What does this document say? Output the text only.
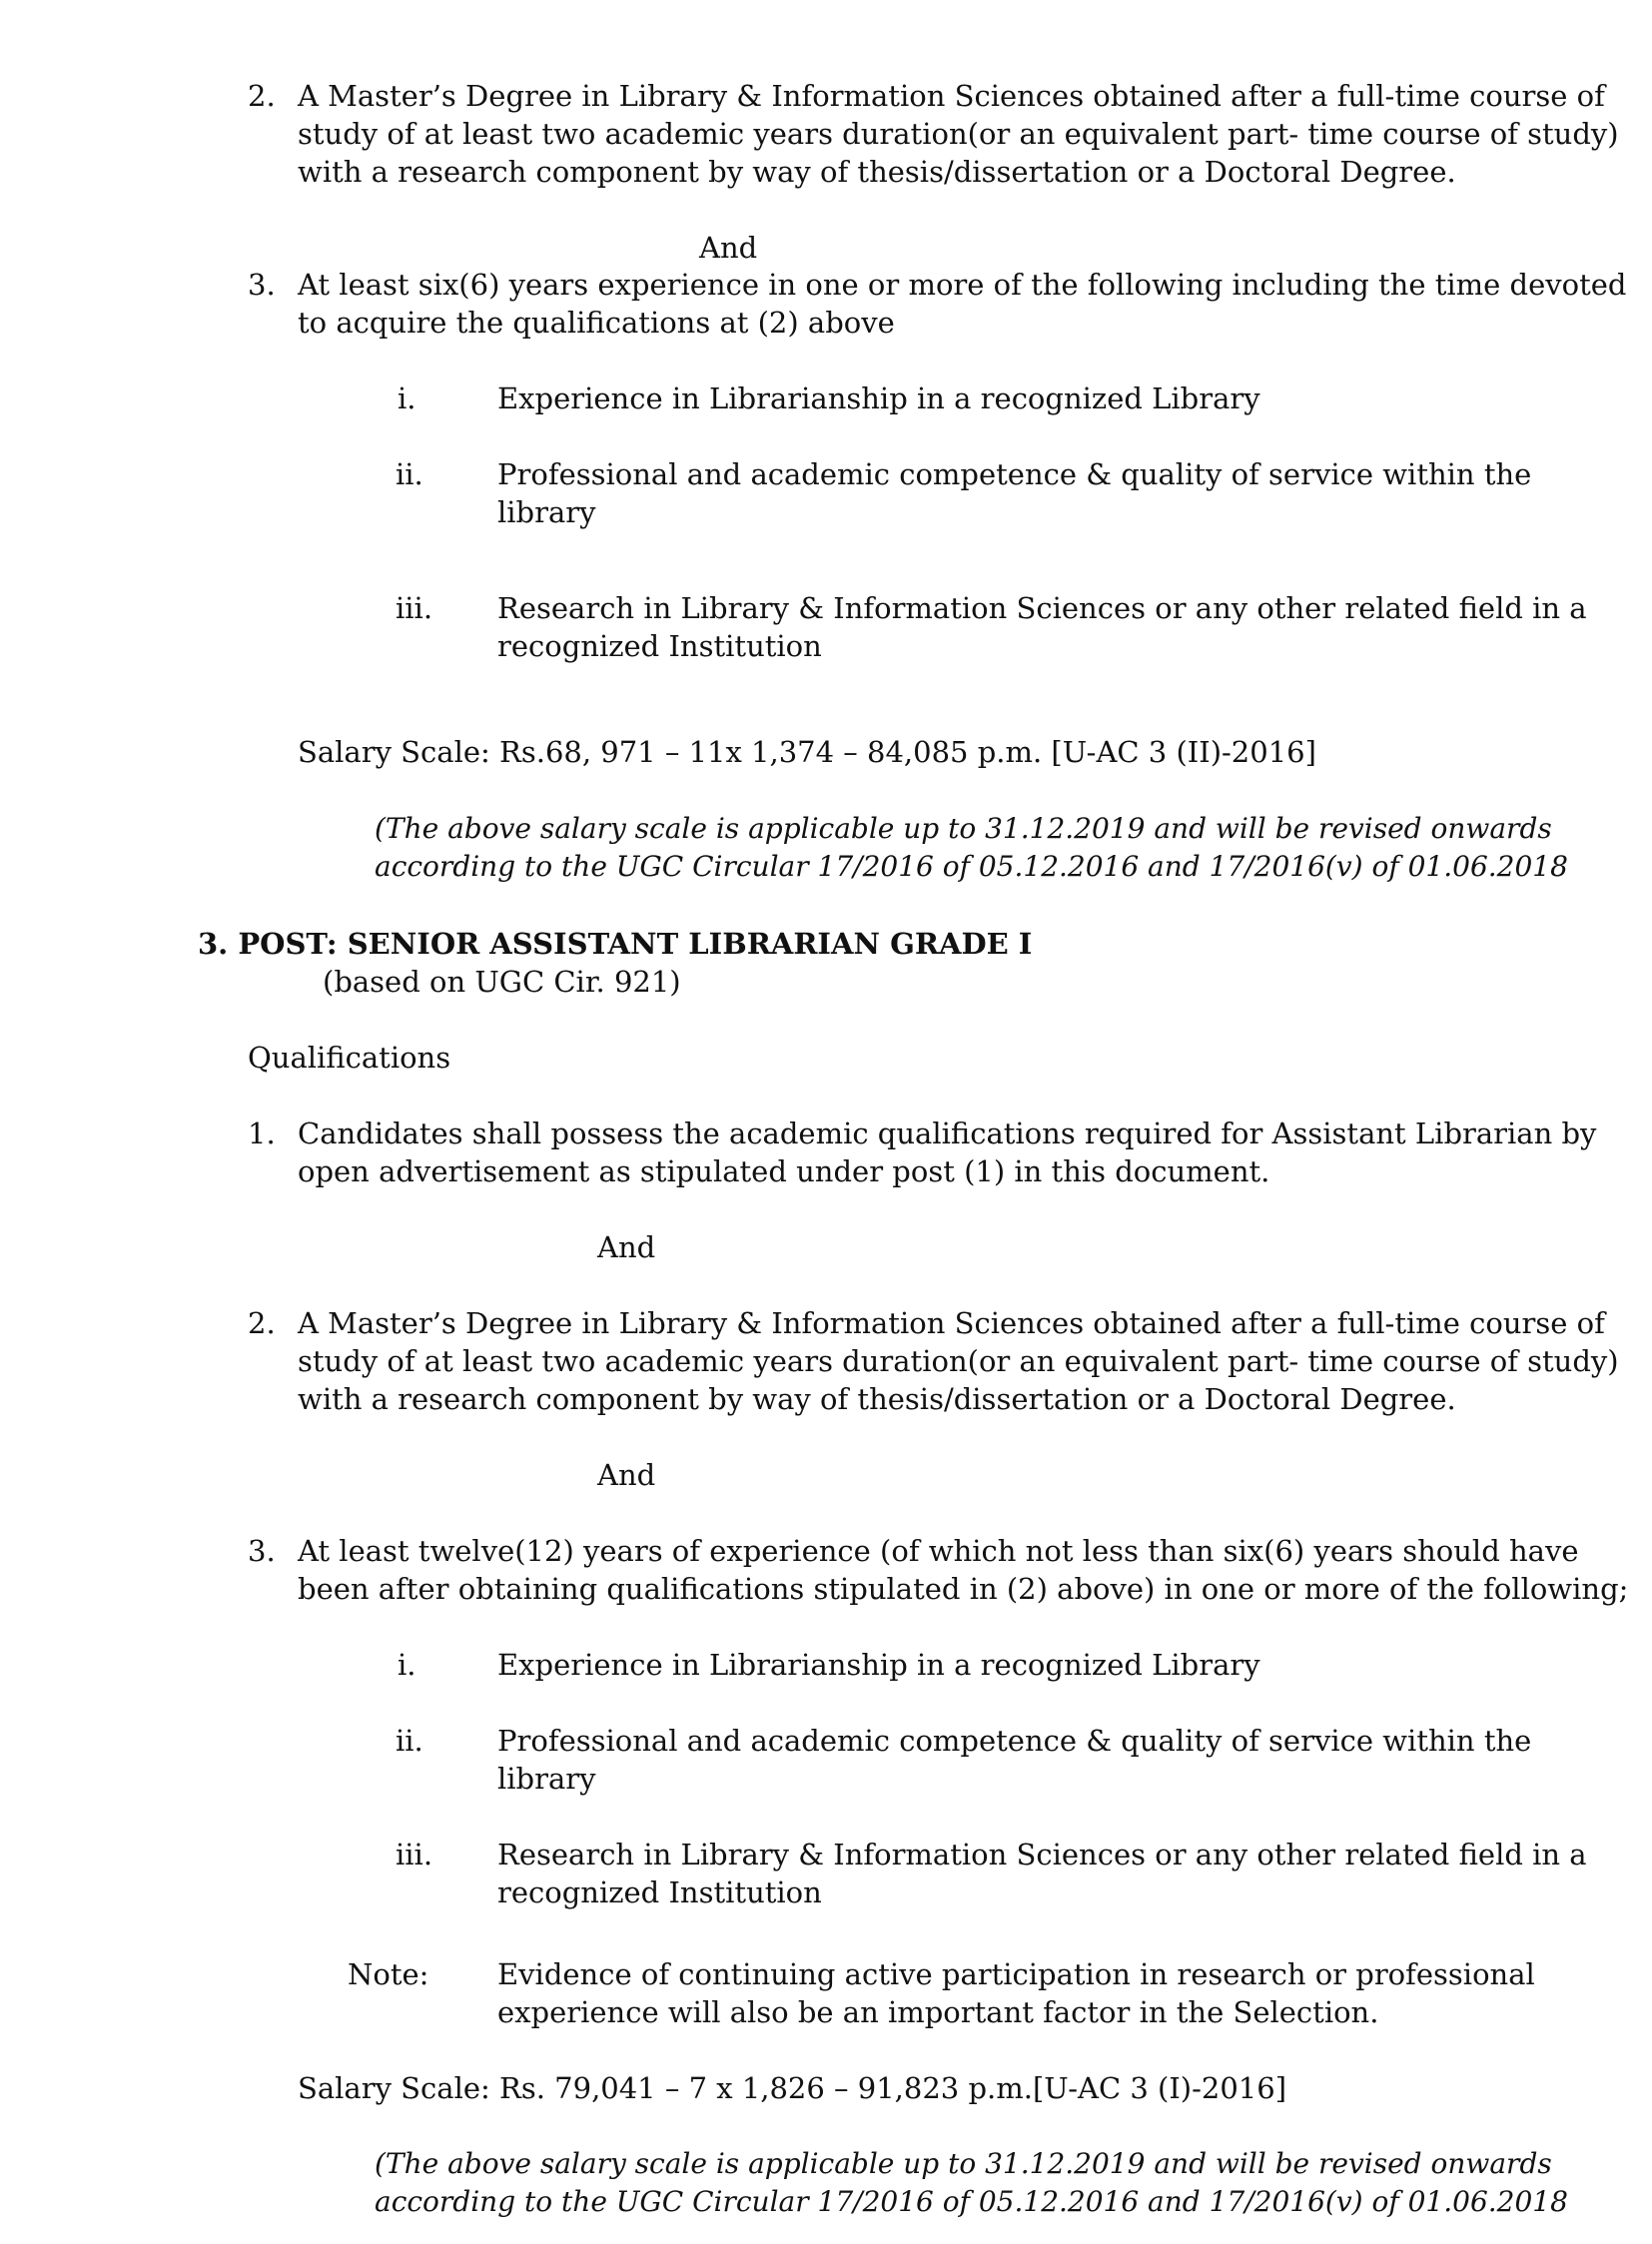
2. A Master’s Degree in Library & Information Sciences obtained after a full-time course of
study of at least two academic years duration(or an equivalent part- time course of study)
with a research component by way of thesis/dissertation or a Doctoral Degree.
And
3. At least six(6) years experience in one or more of the following including the time devoted
to acquire the qualifications at (2) above
i.	Experience in Librarianship in a recognized Library
ii.	Professional and academic competence & quality of service within the
library
iii. Research in Library & Information Sciences or any other related field in a
recognized Institution
Salary Scale: Rs.68, 971 – 11x 1,374 – 84,085 p.m. [U-AC 3 (II)-2016]
(The above salary scale is applicable up to 31.12.2019 and will be revised onwards
according to the UGC Circular 17/2016 of 05.12.2016 and 17/2016(v) of 01.06.2018
3. POST: SENIOR ASSISTANT LIBRARIAN GRADE I
(based on UGC Cir. 921)
Qualifications
1. Candidates shall possess the academic qualifications required for Assistant Librarian by
open advertisement as stipulated under post (1) in this document.
And
2. A Master’s Degree in Library & Information Sciences obtained after a full-time course of
study of at least two academic years duration(or an equivalent part- time course of study)
with a research component by way of thesis/dissertation or a Doctoral Degree.
And
3. At least twelve(12) years of experience (of which not less than six(6) years should have
been after obtaining qualifications stipulated in (2) above) in one or more of the following;
i.	Experience in Librarianship in a recognized Library
ii.	Professional and academic competence & quality of service within the
library
iii. Research in Library & Information Sciences or any other related field in a
recognized Institution
Note: Evidence of continuing active participation in research or professional
experience will also be an important factor in the Selection.
Salary Scale: Rs. 79,041 – 7 x 1,826 – 91,823 p.m.[U-AC 3 (I)-2016]
(The above salary scale is applicable up to 31.12.2019 and will be revised onwards
according to the UGC Circular 17/2016 of 05.12.2016 and 17/2016(v) of 01.06.2018
